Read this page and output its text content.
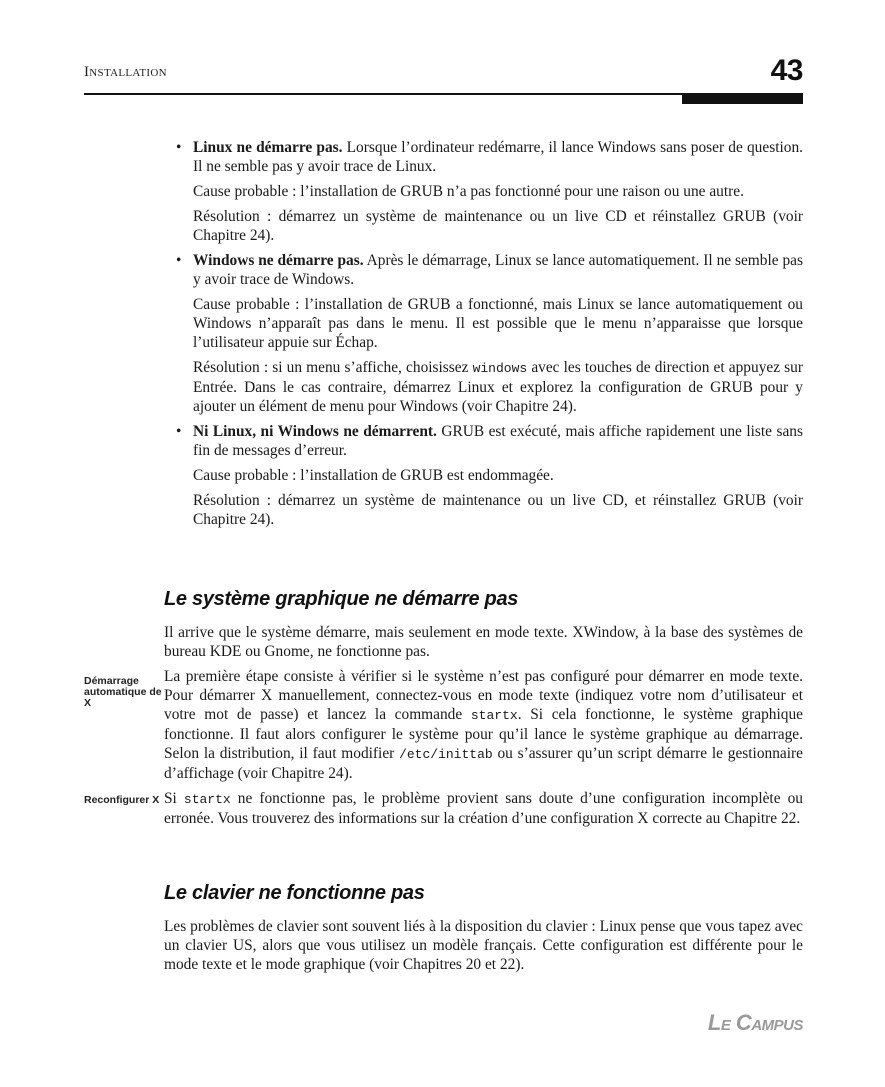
Installation	43
• Linux ne démarre pas. Lorsque l’ordinateur redémarre, il lance Windows sans poser de question. Il ne semble pas y avoir trace de Linux.

Cause probable : l’installation de GRUB n’a pas fonctionné pour une raison ou une autre.

Résolution : démarrez un système de maintenance ou un live CD et réinstallez GRUB (voir Chapitre 24).

• Windows ne démarre pas. Après le démarrage, Linux se lance automatiquement. Il ne semble pas y avoir trace de Windows.

Cause probable : l’installation de GRUB a fonctionné, mais Linux se lance automatiquement ou Windows n’apparaît pas dans le menu. Il est possible que le menu n’apparaisse que lorsque l’utilisateur appuie sur Échap.

Résolution : si un menu s’affiche, choisissez windows avec les touches de direction et appuyez sur Entrée. Dans le cas contraire, démarrez Linux et explorez la configuration de GRUB pour y ajouter un élément de menu pour Windows (voir Chapitre 24).

• Ni Linux, ni Windows ne démarrent. GRUB est exécuté, mais affiche rapidement une liste sans fin de messages d’erreur.

Cause probable : l’installation de GRUB est endommagée.

Résolution : démarrez un système de maintenance ou un live CD, et réinstallez GRUB (voir Chapitre 24).

Le système graphique ne démarre pas

Il arrive que le système démarre, mais seulement en mode texte. XWindow, à la base des systèmes de bureau KDE ou Gnome, ne fonctionne pas.

La première étape consiste à vérifier si le système n’est pas configuré pour démarrer en mode texte. Pour démarrer X manuellement, connectez-vous en mode texte (indiquez votre nom d’utilisateur et votre mot de passe) et lancez la commande startx. Si cela fonctionne, le système graphique fonctionne. Il faut alors configurer le système pour qu’il lance le système graphique au démarrage. Selon la distribution, il faut modifier /etc/inittab ou s’assurer qu’un script démarre le gestionnaire d’affichage (voir Chapitre 24).

Si startx ne fonctionne pas, le problème provient sans doute d’une configuration incomplète ou erronée. Vous trouverez des informations sur la création d’une configuration X correcte au Chapitre 22.

Démarrage automatique de X
Reconfigurer X
Le clavier ne fonctionne pas

Les problèmes de clavier sont souvent liés à la disposition du clavier : Linux pense que vous tapez avec un clavier US, alors que vous utilisez un modèle français. Cette configuration est différente pour le mode texte et le mode graphique (voir Chapitres 20 et 22).

Le Campus
